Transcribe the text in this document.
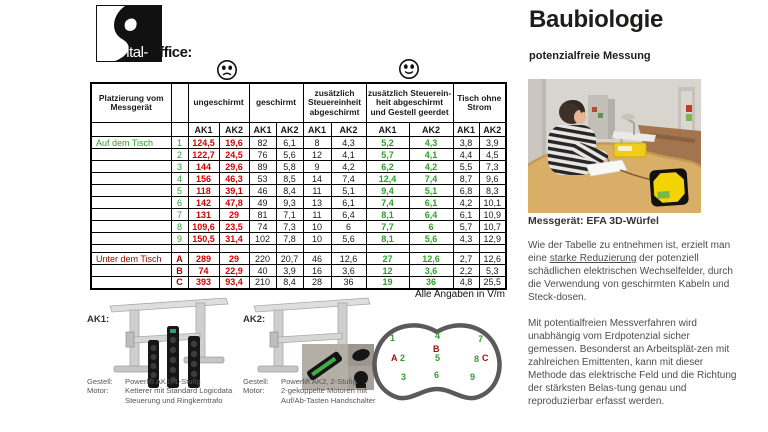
Vital-Office:
Platzierung vom Messgerät		ungeschirmt		geschirmt		zusätzlich Steuereinheit abgeschirmt		zusätzlich Steuerein- heit abgeschirmt und Gestell geerdet		Tisch ohne Strom	
		AK1	AK2	AK1	AK2	AK1	AK2	AK1	AK2	AK1	AK2
Auf dem Tisch	1	124,5	19,6	82	6,1	8	4,3	5,2	4,3	3,8	3,9
	2	122,7	24,5	76	5,6	12	4,1	5,7	4,1	4,4	4,5
	3	144	29,6	89	5,8	9	4,2	6,2	4,2	5,5	7,3
	4	156	46,3	53	8,5	14	7,4	12,4	7,4	8,7	9,6
	5	118	39,1	46	8,4	11	5,1	9,4	5,1	6,8	8,3
	6	142	47,8	49	9,3	13	6,1	7,4	6,1	4,2	10,1
	7	131	29	81	7,1	11	6,4	8,1	6,4	6,1	10,9
	8	109,6	23,5	74	7,3	10	6	7,7	6	5,7	10,7
	9	150,5	31,4	102	7,8	10	5,6	8,1	5,6	4,3	12,9

Unter dem Tisch	A	289	29	220	20,7	46	12,6	27	12,6	2,7	12,6
	B	74	22,9	40	3,9	16	3,6	12	3,6	2,2	5,3
	C	393	93,4	210	8,4	28	36	19	36	4,8	25,5
Alle Angaben in V/m
AK1:
Gestell:	Powerlift AK1, 1-Stufig
Motor:	Ketterer mit Standard Logicdata Steuerung und Ringkerntrafo
AK2:
Gestell:	Powerlift AK2, 2-Stufig
Motor:	2-gekoppelte Motoren mit Auf/Ab-Tasten Handschalter
1	4	7
A 2
B
5	8 C
3	6	9
Baubiologie
potenzialfreie Messung
Messgerät: EFA 3D-Würfel
Wie der Tabelle zu entnehmen ist, erzielt man eine starke Reduzierung der potenziell schädlichen elektrischen Wechselfelder, durch die Verwendung von geschirmten Kabeln und Steck-dosen.
Mit potentialfreien Messverfahren wird unabhängig vom Erdpotenzial sicher gemessen. Besonderst an Arbeitsplät-zen mit zahlreichen Emittenten, kann mit dieser Methode das elektrische Feld und die Richtung der stärksten Belas-tung genau und reproduzierbar erfasst werden.
